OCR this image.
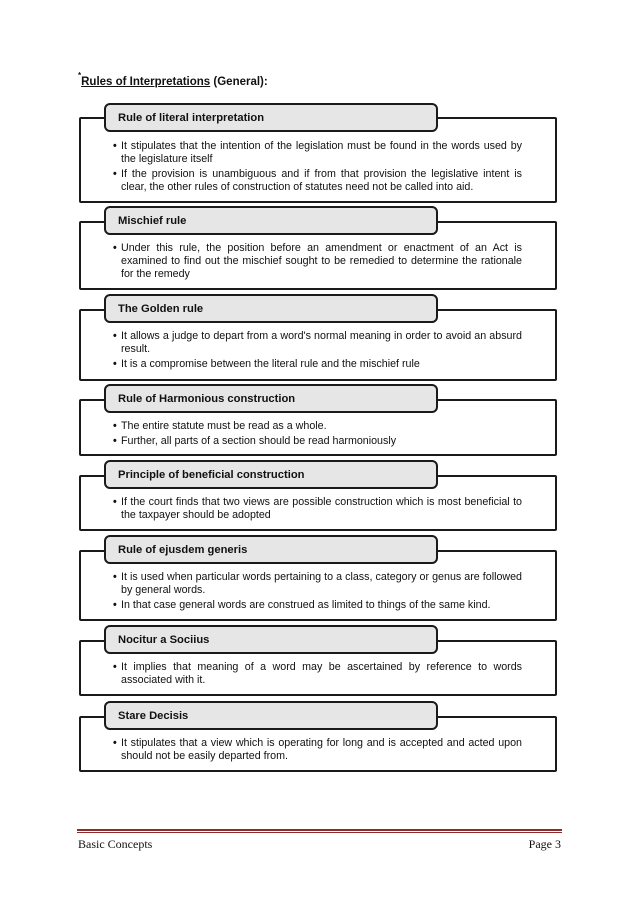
*Rules of Interpretations (General):
Rule of literal interpretation
• It stipulates that the intention of the legislation must be found in the words used by the legislature itself
• If the provision is unambiguous and if from that provision the legislative intent is clear, the other rules of construction of statutes need not be called into aid.
Mischief rule
• Under this rule, the position before an amendment or enactment of an Act is examined to find out the mischief sought to be remedied to determine the rationale for the remedy
The Golden rule
• It allows a judge to depart from a word's normal meaning in order to avoid an absurd result.
• It is a compromise between the literal rule and the mischief rule
Rule of Harmonious construction
• The entire statute must be read as a whole.
• Further, all parts of a section should be read harmoniously
Principle of beneficial construction
• If the court finds that two views are possible construction which is most beneficial to the taxpayer should be adopted
Rule of ejusdem generis
• It is used when particular words pertaining to a class, category or genus are followed by general words.
• In that case general words are construed as limited to things of the same kind.
Nocitur a Sociius
• It implies that meaning of a word may be ascertained by reference to words associated with it.
Stare Decisis
• It stipulates that a view which is operating for long and is accepted and acted upon should not be easily departed from.
Basic Concepts	Page 3
